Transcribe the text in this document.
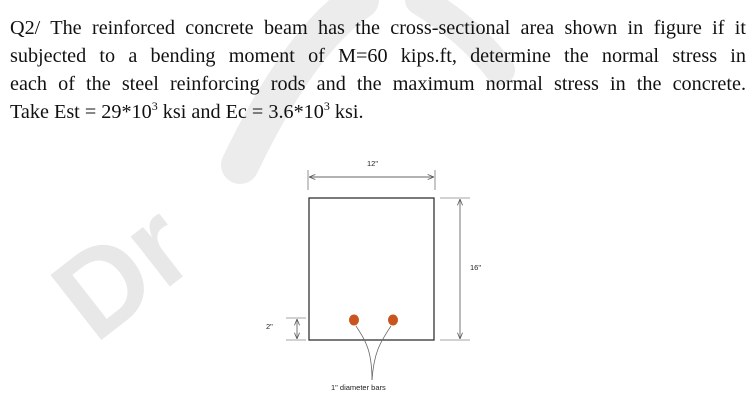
Dr
Q2/ The reinforced concrete beam has the cross-sectional area shown in figure if it
subjected to a bending moment of M=60 kips.ft, determine the normal stress in
each of the steel reinforcing rods and the maximum normal stress in the concrete.
Take Est = $29*10^3$ ksi and $Ec = 3.6*10^3$ ksi.
12"
16"
2"
1" diameter bars
